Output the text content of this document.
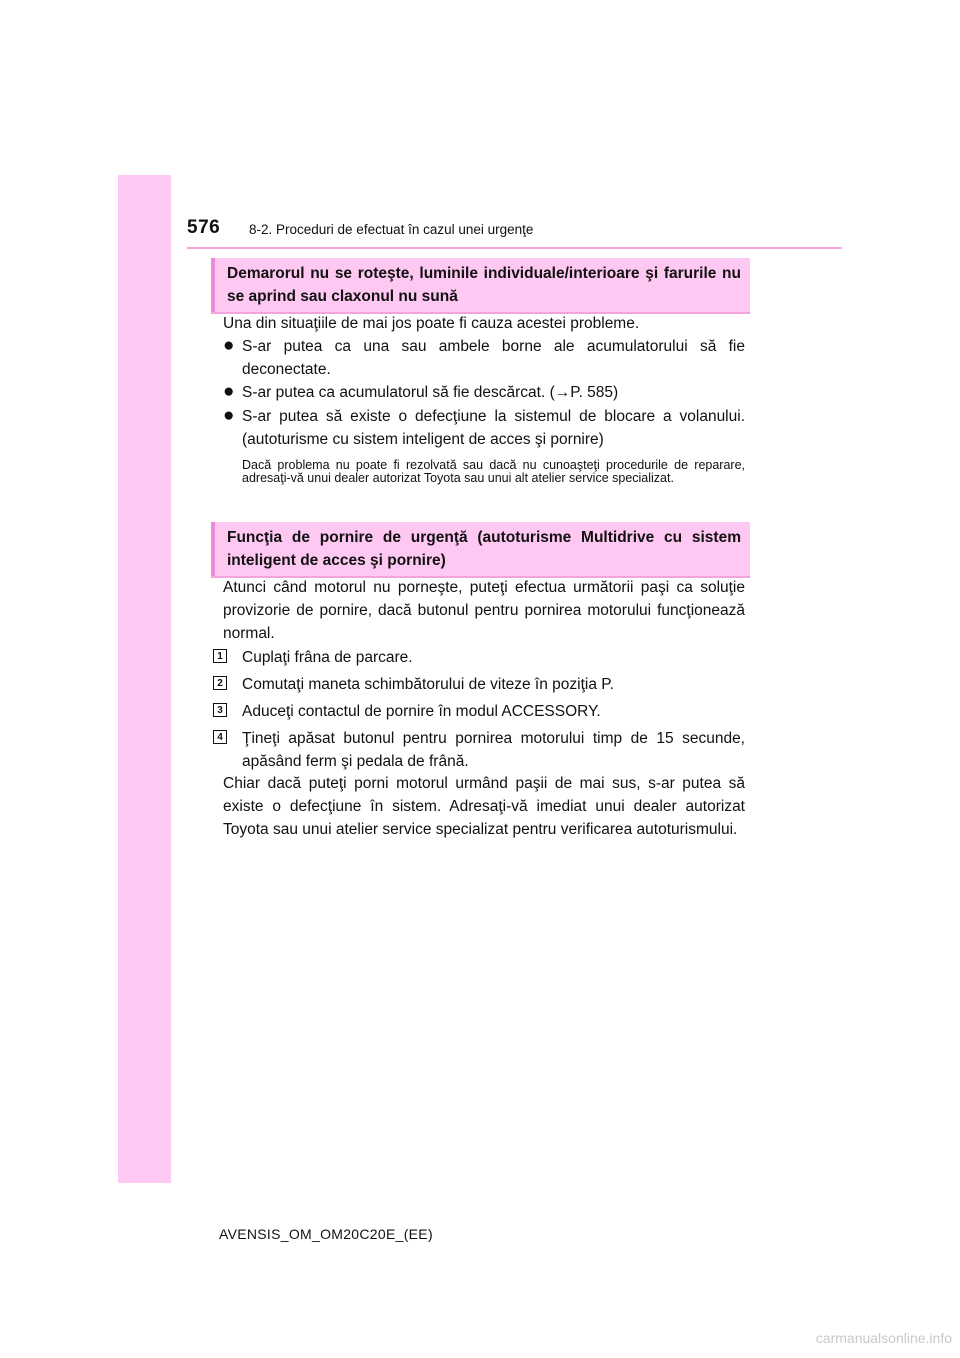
576 8-2. Proceduri de efectuat în cazul unei urgenţe
Demarorul nu se roteşte, luminile individuale/interioare şi farurile nu se aprind sau claxonul nu sună

Una din situaţiile de mai jos poate fi cauza acestei probleme.

● S-ar putea ca una sau ambele borne ale acumulatorului să fie deconectate.
● S-ar putea ca acumulatorul să fie descărcat. (→P. 585)
● S-ar putea să existe o defecţiune la sistemul de blocare a volanului. (autoturisme cu sistem inteligent de acces şi pornire)
Dacă problema nu poate fi rezolvată sau dacă nu cunoaşteţi procedurile de reparare, adresaţi-vă unui dealer autorizat Toyota sau unui alt atelier service specializat.
Funcţia de pornire de urgenţă (autoturisme Multidrive cu sistem inteligent de acces şi pornire)

Atunci când motorul nu porneşte, puteţi efectua următorii paşi ca soluţie provizorie de pornire, dacă butonul pentru pornirea motorului funcţionează normal.

1 Cuplaţi frâna de parcare.
2 Comutaţi maneta schimbătorului de viteze în poziţia P.
3 Aduceţi contactul de pornire în modul ACCESSORY.
4 Ţineţi apăsat butonul pentru pornirea motorului timp de 15 secunde, apăsând ferm şi pedala de frână.

Chiar dacă puteţi porni motorul urmând paşii de mai sus, s-ar putea să existe o defecţiune în sistem. Adresaţi-vă imediat unui dealer autorizat Toyota sau unui atelier service specializat pentru verificarea autoturismului.

AVENSIS_OM_OM20C20E_(EE)
carmanualsonline.info
